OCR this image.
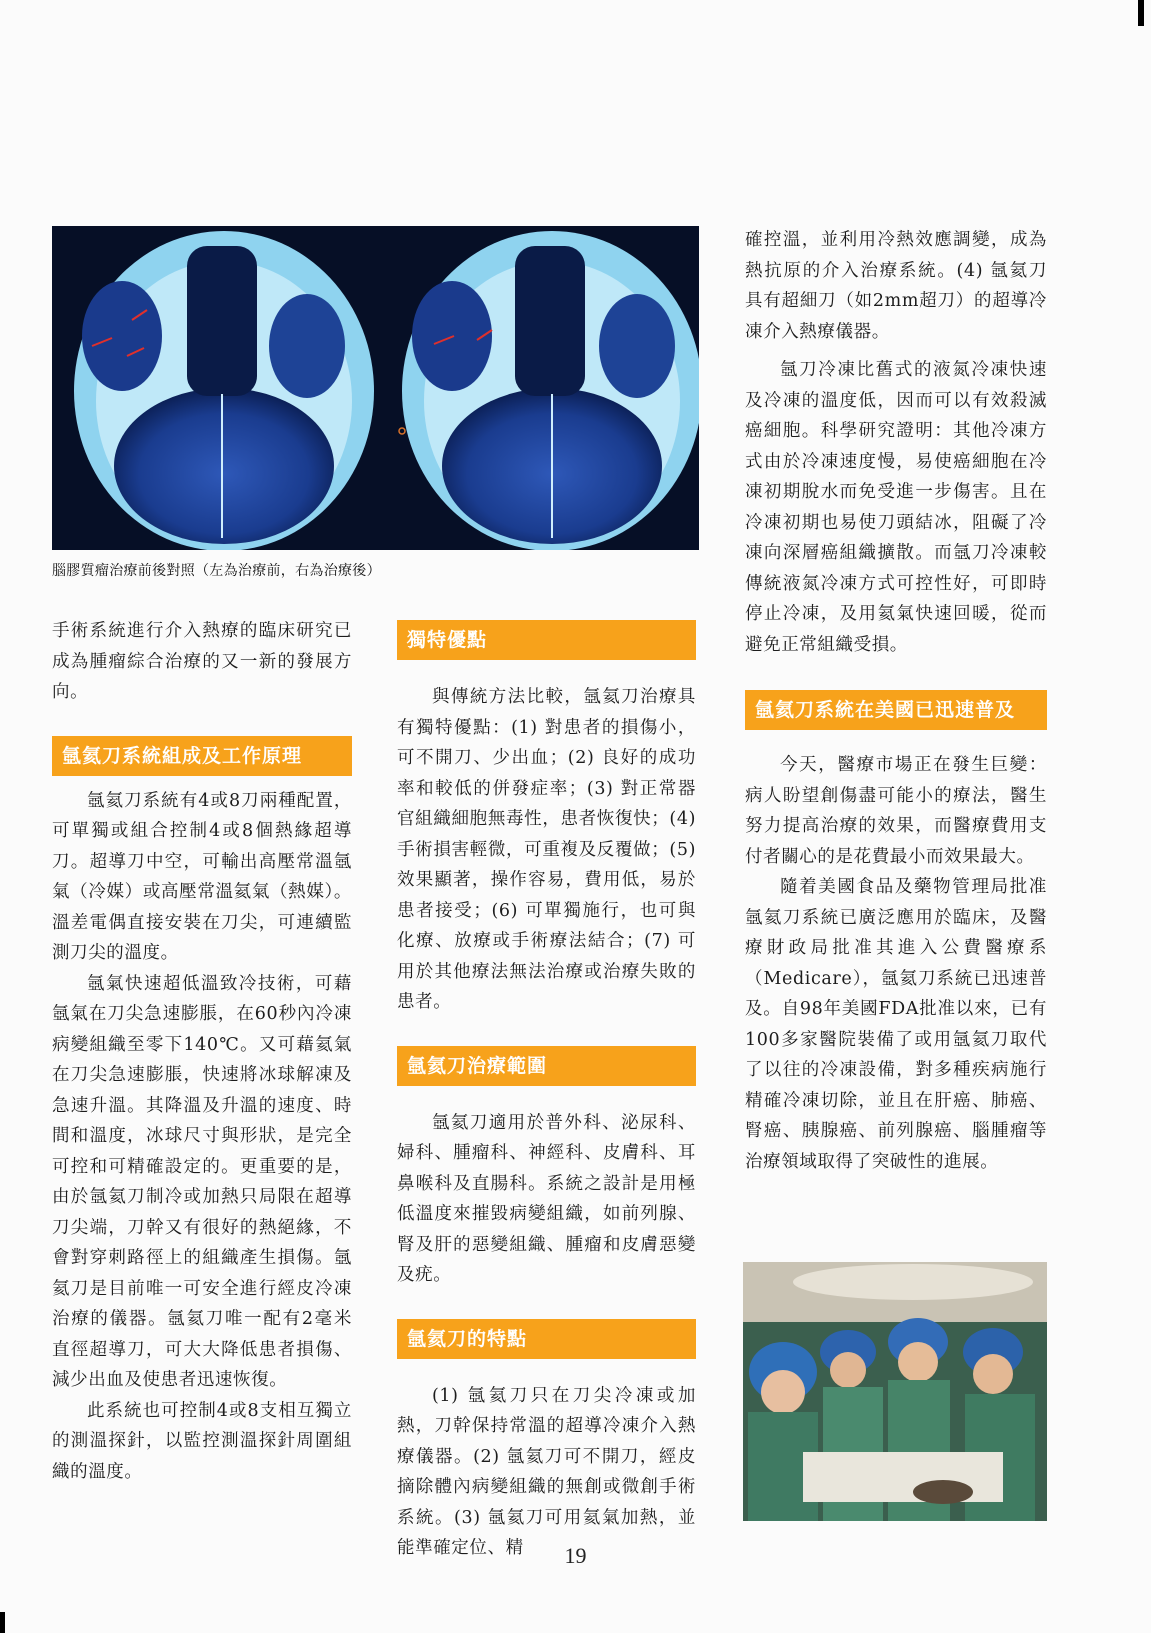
腦膠質瘤治療前後對照（左為治療前，右為治療後）

手術系統進行介入熱療的臨床研究已成為腫瘤綜合治療的又一新的發展方向。

氬氦刀系統組成及工作原理

氬氦刀系統有4或8刀兩種配置，可單獨或組合控制4或8個熱緣超導刀。超導刀中空，可輸出高壓常溫氬氣（冷媒）或高壓常溫氦氣（熱媒）。溫差電偶直接安裝在刀尖，可連續監測刀尖的溫度。

氬氣快速超低溫致冷技術，可藉氬氣在刀尖急速膨脹，在60秒內冷凍病變組織至零下140℃。又可藉氦氣在刀尖急速膨脹，快速將冰球解凍及急速升溫。其降溫及升溫的速度、時間和溫度，冰球尺寸與形狀，是完全可控和可精確設定的。更重要的是，由於氬氦刀制冷或加熱只局限在超導刀尖端，刀幹又有很好的熱絕緣，不會對穿刺路徑上的組織產生損傷。氬氦刀是目前唯一可安全進行經皮冷凍治療的儀器。氬氦刀唯一配有2毫米直徑超導刀，可大大降低患者損傷、減少出血及使患者迅速恢復。

此系統也可控制4或8支相互獨立的測溫探針，以監控測溫探針周圍組織的溫度。

獨特優點

與傳統方法比較，氬氦刀治療具有獨特優點：(1) 對患者的損傷小，可不開刀、少出血；(2) 良好的成功率和較低的併發症率；(3) 對正常器官組織細胞無毒性，患者恢復快；(4) 手術損害輕微，可重複及反覆做；(5) 效果顯著，操作容易，費用低，易於患者接受；(6) 可單獨施行，也可與化療、放療或手術療法結合；(7) 可用於其他療法無法治療或治療失敗的患者。

氬氦刀治療範圍

氬氦刀適用於普外科、泌尿科、婦科、腫瘤科、神經科、皮膚科、耳鼻喉科及直腸科。系統之設計是用極低溫度來摧毀病變組織，如前列腺、腎及肝的惡變組織、腫瘤和皮膚惡變及疣。

氬氦刀的特點

(1) 氬氦刀只在刀尖冷凍或加熱，刀幹保持常溫的超導冷凍介入熱療儀器。(2) 氬氦刀可不開刀，經皮摘除體內病變組織的無創或微創手術系統。(3) 氬氦刀可用氦氣加熱，並能準確定位、精

確控溫，並利用冷熱效應調變，成為熱抗原的介入治療系統。(4) 氬氦刀具有超細刀（如2mm超刀）的超導冷凍介入熱療儀器。

氬刀冷凍比舊式的液氮冷凍快速及冷凍的溫度低，因而可以有效殺滅癌細胞。科學研究證明：其他冷凍方式由於冷凍速度慢，易使癌細胞在冷凍初期脫水而免受進一步傷害。且在冷凍初期也易使刀頭結冰，阻礙了冷凍向深層癌組織擴散。而氬刀冷凍較傳統液氮冷凍方式可控性好，可即時停止冷凍，及用氦氣快速回暖，從而避免正常組織受損。

氬氦刀系統在美國已迅速普及

今天，醫療市場正在發生巨變：病人盼望創傷盡可能小的療法，醫生努力提高治療的效果，而醫療費用支付者關心的是花費最小而效果最大。

隨着美國食品及藥物管理局批准氬氦刀系統已廣泛應用於臨床，及醫療財政局批准其進入公費醫療系（Medicare），氬氦刀系統已迅速普及。自98年美國FDA批准以來，已有100多家醫院裝備了或用氬氦刀取代了以往的冷凍設備，對多種疾病施行精確冷凍切除，並且在肝癌、肺癌、腎癌、胰腺癌、前列腺癌、腦腫瘤等治療領域取得了突破性的進展。

19
